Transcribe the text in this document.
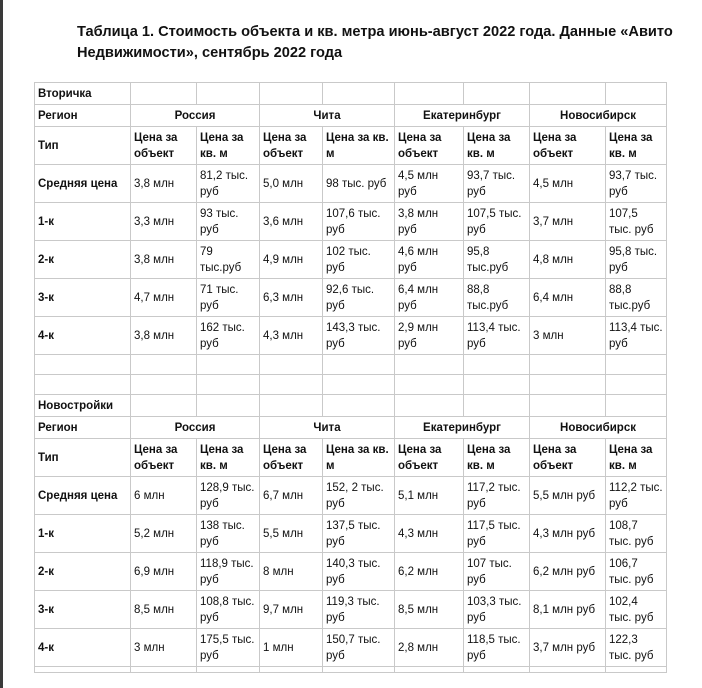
Таблица 1. Стоимость объекта и кв. метра июнь-август 2022 года. Данные «Авито Недвижимости», сентябрь 2022 года
Вторичка								
Регион	Россия		Чита		Екатеринбург		Новосибирск	
Тип	Цена за объект	Цена за кв. м	Цена за объект	Цена за кв. м	Цена за объект	Цена за кв. м	Цена за объект	Цена за кв. м
Средняя цена	3,8 млн	81,2 тыс. руб	5,0 млн	98 тыс. руб	4,5 млн руб	93,7 тыс. руб	4,5 млн	93,7 тыс. руб
1-к	3,3 млн	93 тыс. руб	3,6 млн	107,6 тыс. руб	3,8 млн руб	107,5 тыс. руб	3,7 млн	107,5 тыс. руб
2-к	3,8 млн	79 тыс.руб	4,9 млн	102 тыс. руб	4,6 млн руб	95,8 тыс.руб	4,8 млн	95,8 тыс. руб
3-к	4,7 млн	71 тыс. руб	6,3 млн	92,6 тыс. руб	6,4 млн руб	88,8 тыс.руб	6,4 млн	88,8 тыс.руб
4-к	3,8 млн	162 тыс. руб	4,3 млн	143,3 тыс. руб	2,9 млн руб	113,4 тыс. руб	3 млн	113,4 тыс. руб

Новостройки								
Регион	Россия		Чита		Екатеринбург		Новосибирск	
Тип	Цена за объект	Цена за кв. м	Цена за объект	Цена за кв. м	Цена за объект	Цена за кв. м	Цена за объект	Цена за кв. м
Средняя цена	6 млн	128,9 тыс. руб	6,7 млн	152, 2 тыс. руб	5,1 млн	117,2 тыс. руб	5,5 млн руб	112,2 тыс. руб
1-к	5,2 млн	138 тыс. руб	5,5 млн	137,5 тыс. руб	4,3 млн	117,5 тыс. руб	4,3 млн руб	108,7 тыс. руб
2-к	6,9 млн	118,9 тыс. руб	8 млн	140,3 тыс. руб	6,2 млн	107 тыс. руб	6,2 млн руб	106,7 тыс. руб
3-к	8,5 млн	108,8 тыс. руб	9,7 млн	119,3 тыс. руб	8,5 млн	103,3 тыс. руб	8,1 млн руб	102,4 тыс. руб
4-к	3 млн	175,5 тыс. руб	1 млн	150,7 тыс. руб	2,8 млн	118,5 тыс. руб	3,7 млн руб	122,3 тыс. руб
